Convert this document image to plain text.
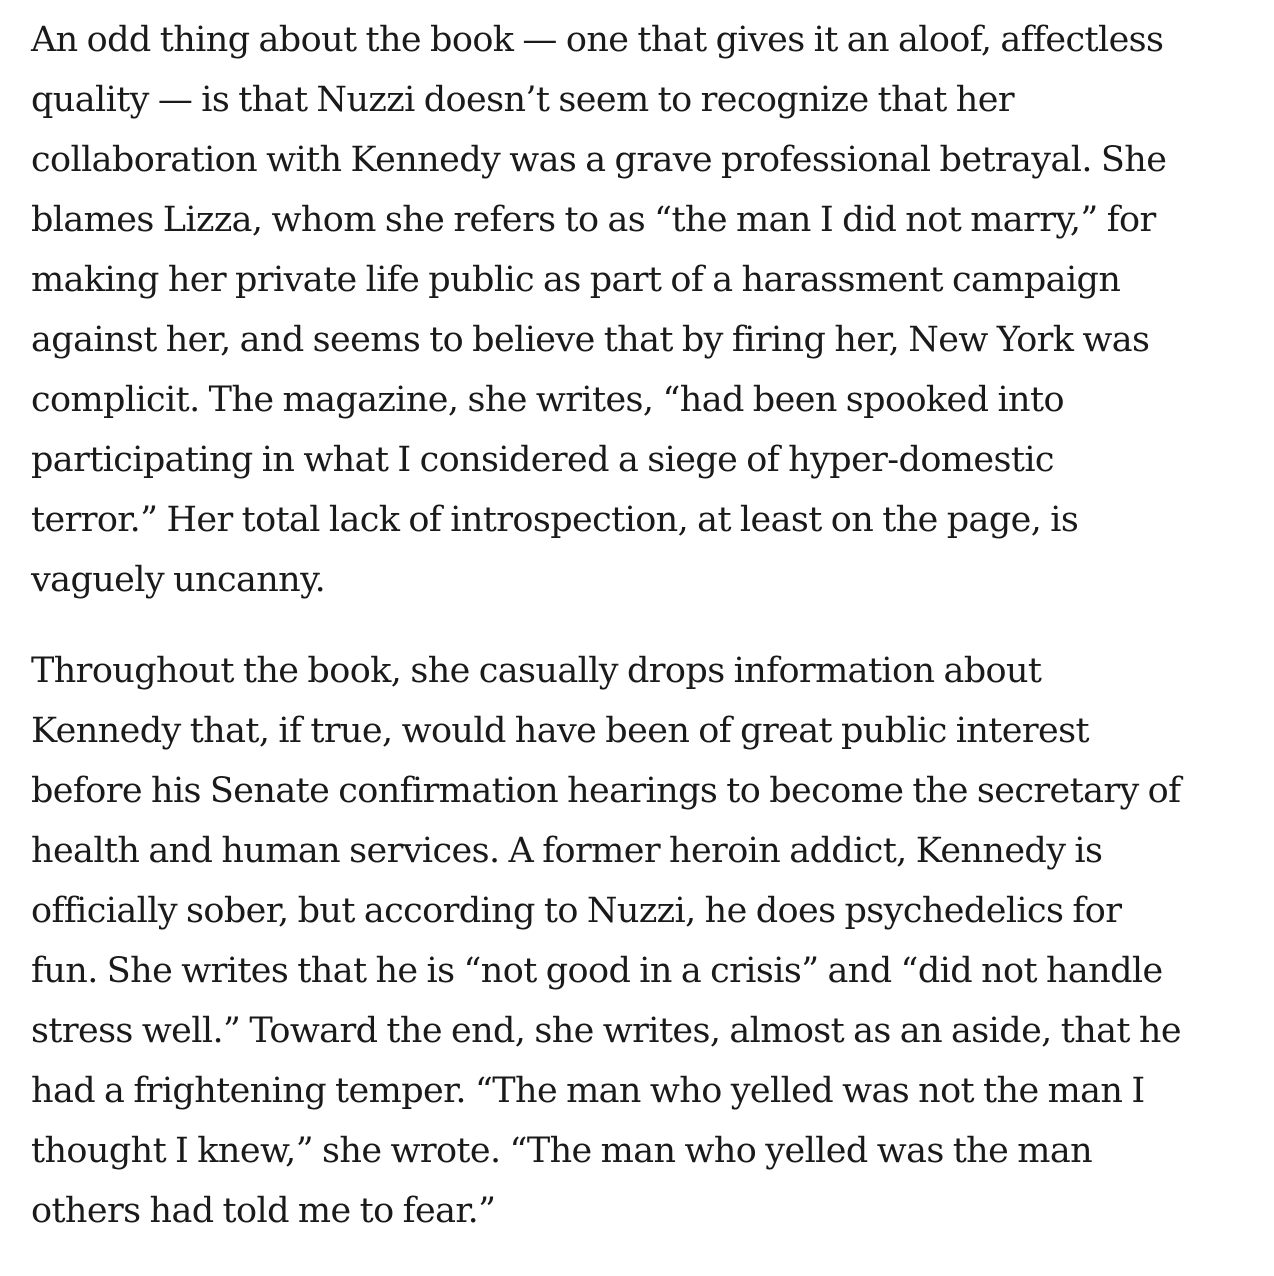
An odd thing about the book — one that gives it an aloof, affectless
quality — is that Nuzzi doesn’t seem to recognize that her
collaboration with Kennedy was a grave professional betrayal. She
blames Lizza, whom she refers to as “the man I did not marry,” for
making her private life public as part of a harassment campaign
against her, and seems to believe that by firing her, New York was
complicit. The magazine, she writes, “had been spooked into
participating in what I considered a siege of hyper-domestic
terror.” Her total lack of introspection, at least on the page, is
vaguely uncanny.

Throughout the book, she casually drops information about
Kennedy that, if true, would have been of great public interest
before his Senate confirmation hearings to become the secretary of
health and human services. A former heroin addict, Kennedy is
officially sober, but according to Nuzzi, he does psychedelics for
fun. She writes that he is “not good in a crisis” and “did not handle
stress well.” Toward the end, she writes, almost as an aside, that he
had a frightening temper. “The man who yelled was not the man I
thought I knew,” she wrote. “The man who yelled was the man
others had told me to fear.”
